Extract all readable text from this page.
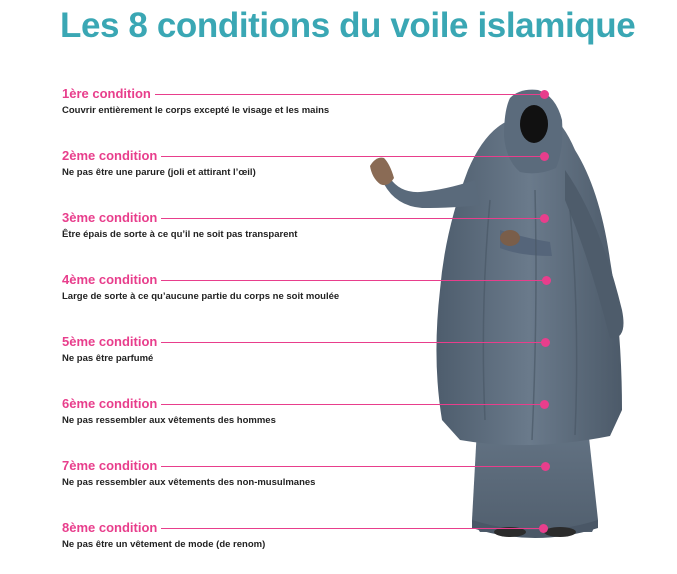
Les 8 conditions du voile islamique
1ère condition
Couvrir entièrement le corps excepté le visage et les mains
2ème condition
Ne pas être une parure (joli et attirant l’œil)
3ème condition
Être épais de sorte à ce qu’il ne soit pas transparent
4ème condition
Large de sorte à ce qu’aucune partie du corps ne soit moulée
5ème condition
Ne pas être parfumé
6ème condition
Ne pas ressembler aux vêtements des hommes
7ème condition
Ne pas ressembler aux vêtements des non-musulmanes
8ème condition
Ne pas être un vêtement de mode (de renom)
